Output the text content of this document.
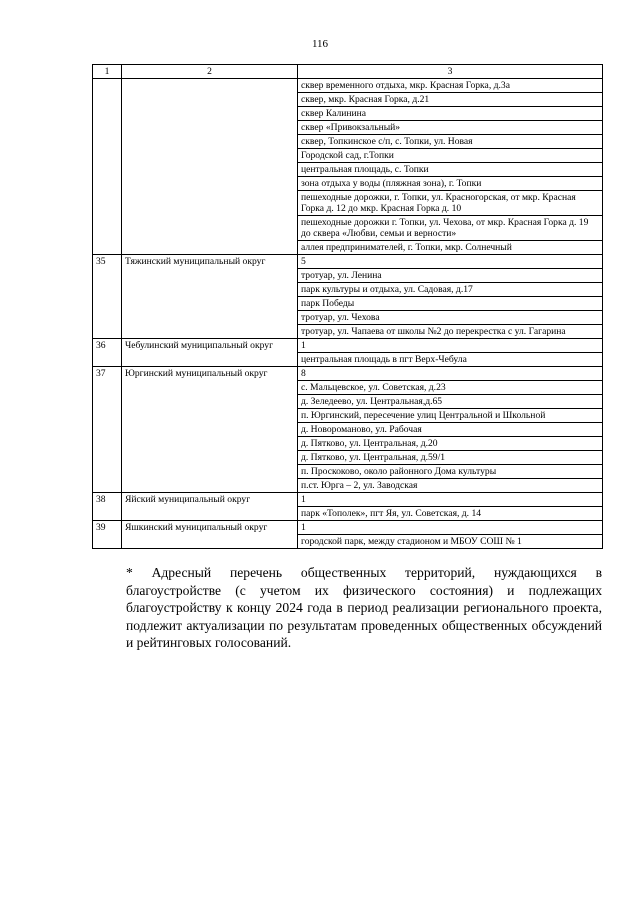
116
1	2	3
		сквер временного отдыха, мкр. Красная Горка, д.3а
		сквер, мкр. Красная Горка, д.21
		сквер Калинина
		сквер «Привокзальный»
		сквер, Топкинское с/п, с. Топки, ул. Новая
		Городской сад, г.Топки
		центральная площадь, с. Топки
		зона отдыха у воды (пляжная зона), г. Топки
		пешеходные дорожки, г. Топки, ул. Красногорская, от мкр. Красная Горка д. 12 до мкр. Красная Горка д. 10
		пешеходные дорожки г. Топки, ул. Чехова, от мкр. Красная Горка д. 19 до сквера «Любви, семьи и верности»
		аллея предпринимателей, г. Топки, мкр. Солнечный
35	Тяжинский муниципальный округ	5
		тротуар, ул. Ленина
		парк культуры и отдыха, ул. Садовая, д.17
		парк Победы
		тротуар, ул. Чехова
		тротуар, ул. Чапаева от школы №2 до перекрестка с ул. Гагарина
36	Чебулинский муниципальный округ	1
		центральная площадь в пгт Верх-Чебула
37	Юргинский муниципальный округ	8
		с. Мальцевское, ул. Советская, д.23
		д. Зеледеево, ул. Центральная,д.65
		п. Юргинский, пересечение улиц Центральной и Школьной
		д. Новороманово, ул. Рабочая
		д. Пятково, ул. Центральная, д.20
		д. Пятково, ул. Центральная, д.59/1
		п. Проскоково, около районного Дома культуры
		п.ст. Юрга – 2, ул. Заводская
38	Яйский муниципальный округ	1
		парк «Тополек», пгт Яя, ул. Советская, д. 14
39	Яшкинский муниципальный округ	1
		городской парк, между стадионом и МБОУ СОШ № 1
* Адресный перечень общественных территорий, нуждающихся в благоустройстве (с учетом их физического состояния) и подлежащих благоустройству к концу 2024 года в период реализации регионального проекта, подлежит актуализации по результатам проведенных общественных обсуждений и рейтинговых голосований.
